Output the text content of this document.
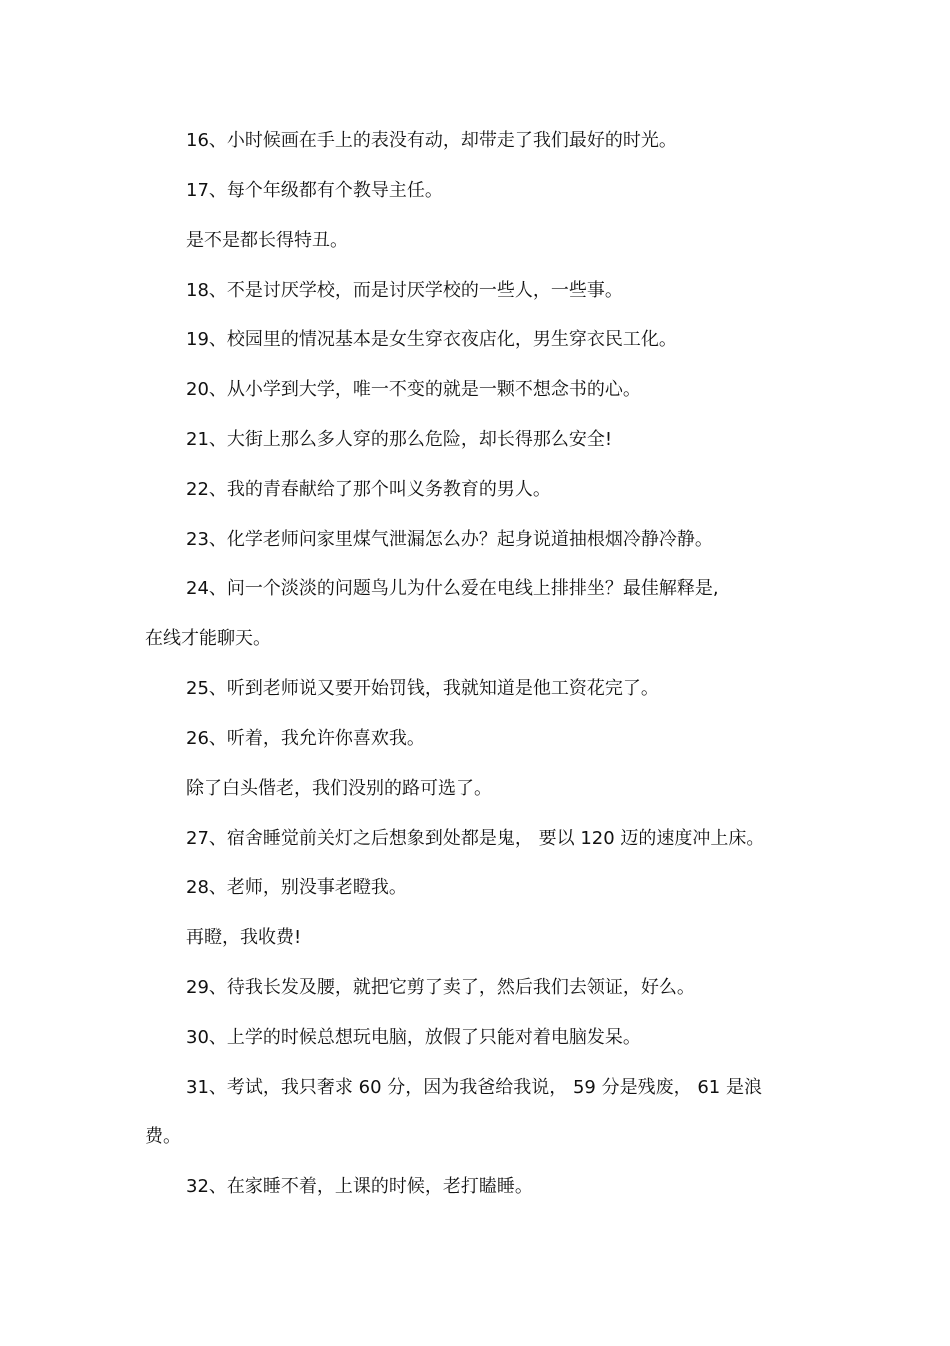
16、小时候画在手上的表没有动，却带走了我们最好的时光。
17、每个年级都有个教导主任。
是不是都长得特丑。
18、不是讨厌学校，而是讨厌学校的一些人，一些事。
19、校园里的情况基本是女生穿衣夜店化，男生穿衣民工化。
20、从小学到大学，唯一不变的就是一颗不想念书的心。
21、大街上那么多人穿的那么危险，却长得那么安全!
22、我的青春献给了那个叫义务教育的男人。
23、化学老师问家里煤气泄漏怎么办？起身说道抽根烟冷静冷静。
24、问一个淡淡的问题鸟儿为什么爱在电线上排排坐？最佳解释是,
在线才能聊天。
25、听到老师说又要开始罚钱，我就知道是他工资花完了。
26、听着，我允许你喜欢我。
除了白头偕老，我们没别的路可选了。
27、宿舍睡觉前关灯之后想象到处都是鬼， 要以 120 迈的速度冲上床。
28、老师，别没事老瞪我。
再瞪，我收费!
29、待我长发及腰，就把它剪了卖了，然后我们去领证，好么。
30、上学的时候总想玩电脑，放假了只能对着电脑发呆。
31、考试，我只奢求 60 分，因为我爸给我说， 59 分是残废， 61 是浪
费。
32、在家睡不着，上课的时候，老打瞌睡。
